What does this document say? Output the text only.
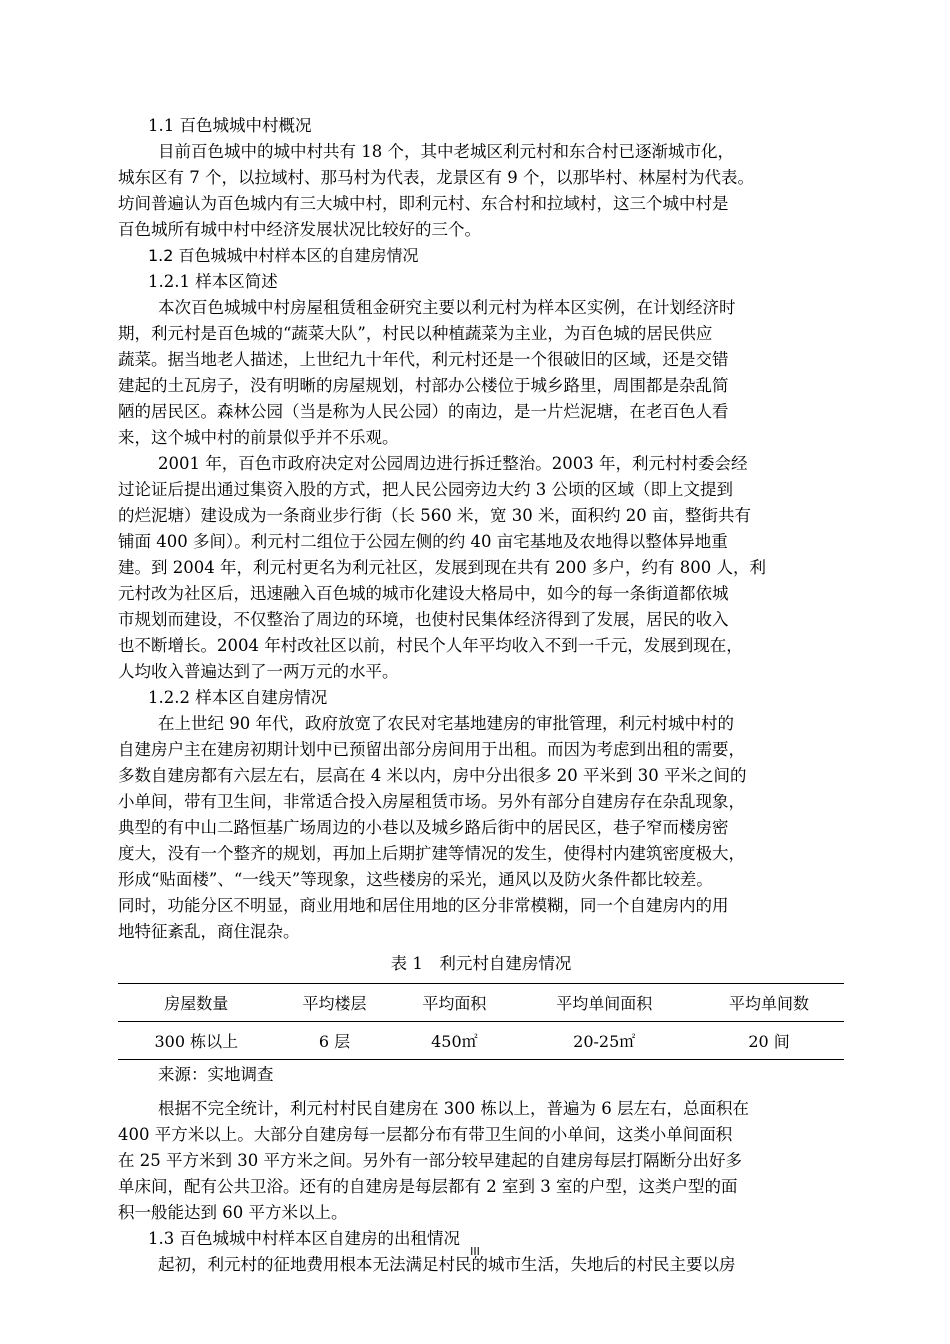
1.1 百色城城中村概况
目前百色城中的城中村共有 18 个，其中老城区利元村和东合村已逐渐城市化，
城东区有 7 个，以拉域村、那马村为代表，龙景区有 9 个，以那毕村、林屋村为代表。
坊间普遍认为百色城内有三大城中村，即利元村、东合村和拉域村，这三个城中村是
百色城所有城中村中经济发展状况比较好的三个。
1.2 百色城城中村样本区的自建房情况
1.2.1 样本区简述
本次百色城城中村房屋租赁租金研究主要以利元村为样本区实例，在计划经济时
期，利元村是百色城的“蔬菜大队”，村民以种植蔬菜为主业，为百色城的居民供应
蔬菜。据当地老人描述，上世纪九十年代，利元村还是一个很破旧的区域，还是交错
建起的土瓦房子，没有明晰的房屋规划，村部办公楼位于城乡路里，周围都是杂乱简
陋的居民区。森林公园（当是称为人民公园）的南边，是一片烂泥塘，在老百色人看
来，这个城中村的前景似乎并不乐观。
2001 年，百色市政府决定对公园周边进行拆迁整治。2003 年，利元村村委会经
过论证后提出通过集资入股的方式，把人民公园旁边大约 3 公顷的区域（即上文提到
的烂泥塘）建设成为一条商业步行街（长 560 米，宽 30 米，面积约 20 亩，整街共有
铺面 400 多间）。利元村二组位于公园左侧的约 40 亩宅基地及农地得以整体异地重
建。到 2004 年，利元村更名为利元社区，发展到现在共有 200 多户，约有 800 人，利
元村改为社区后，迅速融入百色城的城市化建设大格局中，如今的每一条街道都依城
市规划而建设，不仅整治了周边的环境，也使村民集体经济得到了发展，居民的收入
也不断增长。2004 年村改社区以前，村民个人年平均收入不到一千元，发展到现在，
人均收入普遍达到了一两万元的水平。
1.2.2 样本区自建房情况
在上世纪 90 年代，政府放宽了农民对宅基地建房的审批管理，利元村城中村的
自建房户主在建房初期计划中已预留出部分房间用于出租。而因为考虑到出租的需要，
多数自建房都有六层左右，层高在 4 米以内，房中分出很多 20 平米到 30 平米之间的
小单间，带有卫生间，非常适合投入房屋租赁市场。另外有部分自建房存在杂乱现象，
典型的有中山二路恒基广场周边的小巷以及城乡路后街中的居民区，巷子窄而楼房密
度大，没有一个整齐的规划，再加上后期扩建等情况的发生，使得村内建筑密度极大，
形成“贴面楼”、“一线天”等现象，这些楼房的采光，通风以及防火条件都比较差。
同时，功能分区不明显，商业用地和居住用地的区分非常模糊，同一个自建房内的用
地特征紊乱，商住混杂。
表 1　利元村自建房情况
房屋数量	平均楼层	平均面积	平均单间面积	平均单间数
300 栋以上	6 层	450㎡	20-25㎡	20 间
来源：实地调查
根据不完全统计，利元村村民自建房在 300 栋以上，普遍为 6 层左右，总面积在
400 平方米以上。大部分自建房每一层都分布有带卫生间的小单间，这类小单间面积
在 25 平方米到 30 平方米之间。另外有一部分较早建起的自建房每层打隔断分出好多
单床间，配有公共卫浴。还有的自建房是每层都有 2 室到 3 室的户型，这类户型的面
积一般能达到 60 平方米以上。
1.3 百色城城中村样本区自建房的出租情况
起初，利元村的征地费用根本无法满足村民的城市生活，失地后的村民主要以房
III
